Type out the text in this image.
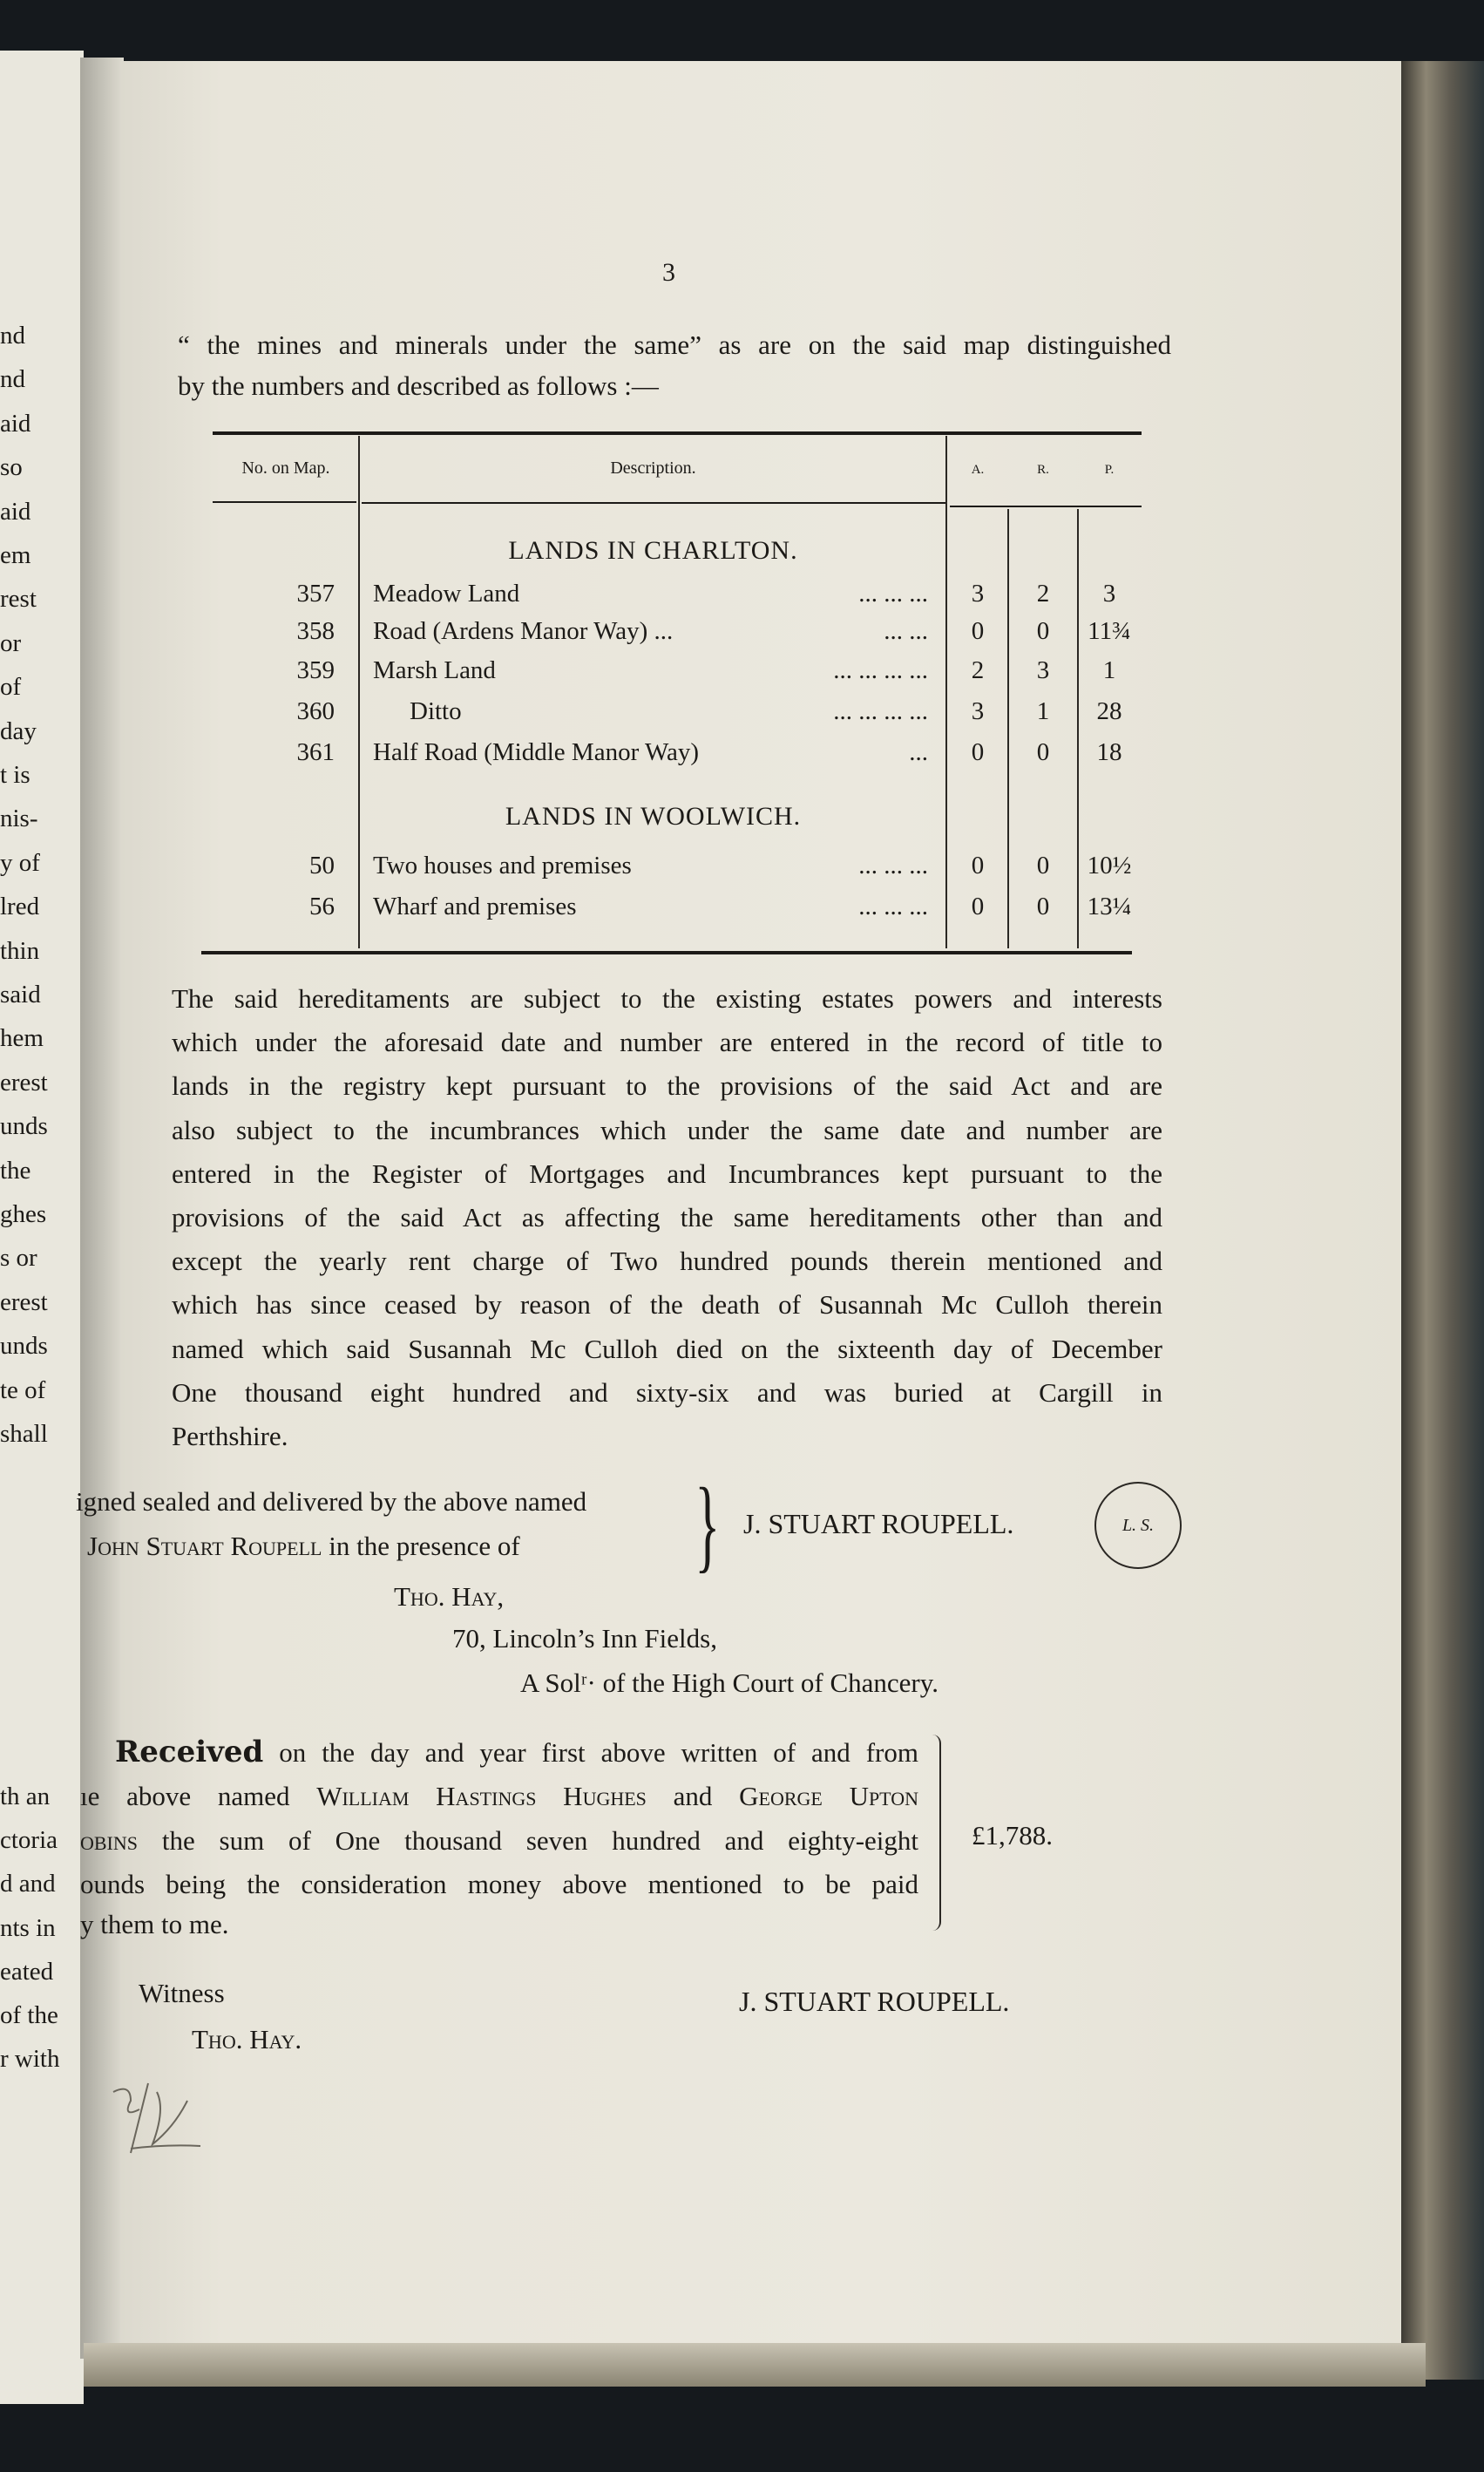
nd
nd
aid
so
aid
em
rest
or
of
day
t is
nis-
y of
lred
thin
said
hem
erest
unds
the
ghes
s or
erest
unds
te of
shall
th an
ctoria
d and
nts in
eated
of the
r with
3
“ the mines and minerals under the same” as are on the said map distinguished
by the numbers and described as follows :—
No. on Map.	Description.	A.	R.	P.
LANDS IN CHARLTON.
357	Meadow Land	... ... ...	3	2	3
358	Road (Ardens Manor Way) ...	... ...	0	0	11¾
359	Marsh Land	... ... ... ...	2	3	1
360	Ditto	... ... ... ...	3	1	28
361	Half Road (Middle Manor Way)	...	0	0	18
LANDS IN WOOLWICH.
50	Two houses and premises	... ... ...	0	0	10½
56	Wharf and premises	... ... ...	0	0	13¼
The said hereditaments are subject to the existing estates powers and interests
which under the aforesaid date and number are entered in the record of title to
lands in the registry kept pursuant to the provisions of the said Act and are
also subject to the incumbrances which under the same date and number are
entered in the Register of Mortgages and Incumbrances kept pursuant to the
provisions of the said Act as affecting the same hereditaments other than and
except the yearly rent charge of Two hundred pounds therein mentioned and
which has since ceased by reason of the death of Susannah Mc Culloh therein
named which said Susannah Mc Culloh died on the sixteenth day of December
One thousand eight hundred and sixty-six and was buried at Cargill in
Perthshire.
igned sealed and delivered by the above named
John Stuart Roupell in the presence of } J. STUART ROUPELL.	L. S.
Tho. Hay,
70, Lincoln’s Inn Fields,
A Solʳ· of the High Court of Chancery.
Received on the day and year first above written of and from
ıe above named William Hastings Hughes and George Upton
obins the sum of One thousand seven hundred and eighty-eight
ounds being the consideration money above mentioned to be paid
y them to me.
£1,788.
Witness	J. STUART ROUPELL.
Tho. Hay.
